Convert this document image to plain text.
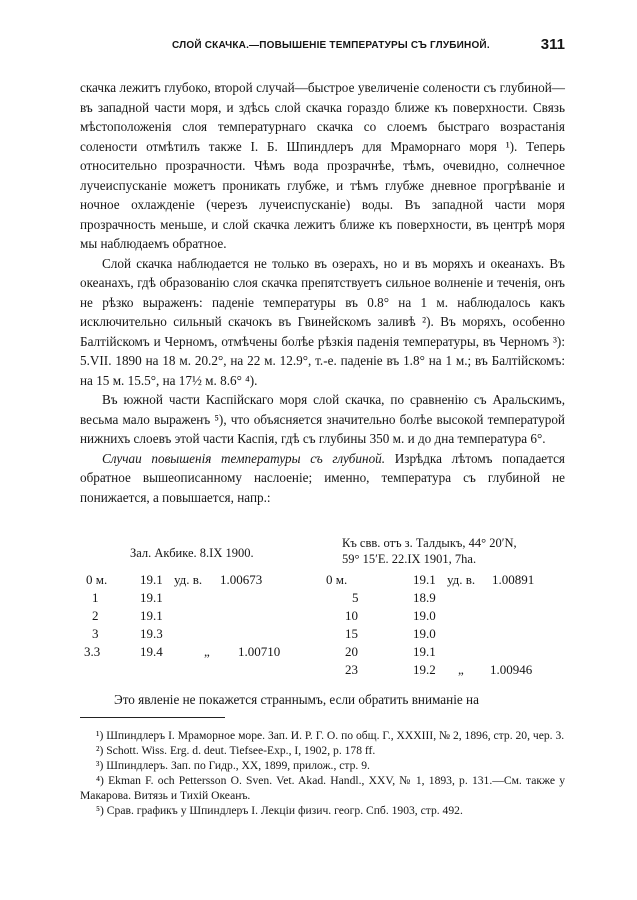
СЛОЙ СКАЧКА.—ПОВЫШЕНІЕ ТЕМПЕРАТУРЫ СЪ ГЛУБИНОЙ.	311

скачка лежитъ глубоко, второй случай—быстрое увеличеніе солености съ глубиной—въ западной части моря, и здѣсь слой скачка гораздо ближе къ поверхности. Связь мѣстоположенія слоя температурнаго скачка со слоемъ быстраго возрастанія солености отмѣтилъ также І. Б. Шпиндлеръ для Мраморнаго моря ¹). Теперь относительно прозрачности. Чѣмъ вода прозрачнѣе, тѣмъ, очевидно, солнечное лучеиспусканіе можетъ проникать глубже, и тѣмъ глубже дневное прогрѣваніе и ночное охлажденіе (черезъ лучеиспусканіе) воды. Въ западной части моря прозрачность меньше, и слой скачка лежитъ ближе къ поверхности, въ центрѣ моря мы наблюдаемъ обратное.

Слой скачка наблюдается не только въ озерахъ, но и въ моряхъ и океанахъ. Въ океанахъ, гдѣ образованію слоя скачка препятствуетъ сильное волненіе и теченія, онъ не рѣзко выраженъ: паденіе температуры въ 0.8° на 1 м. наблюдалось какъ исключительно сильный скачокъ въ Гвинейскомъ заливѣ ²). Въ моряхъ, особенно Балтійскомъ и Черномъ, отмѣчены болѣе рѣзкія паденія температуры, въ Черномъ ³): 5.VII. 1890 на 18 м. 20.2°, на 22 м. 12.9°, т.-е. паденіе въ 1.8° на 1 м.; въ Балтійскомъ: на 15 м. 15.5°, на 17½ м. 8.6° ⁴).

Въ южной части Каспійскаго моря слой скачка, по сравненію съ Аральскимъ, весьма мало выраженъ ⁵), что объясняется значительно болѣе высокой температурой нижнихъ слоевъ этой части Каспія, гдѣ съ глубины 350 м. и до дна температура 6°.

Случаи повышенія температуры съ глубиной. Изрѣдка лѣтомъ попадается обратное вышеописанному наслоеніе; именно, температура съ глубиной не понижается, а повышается, напр.:

Зал. Акбике. 8.IX 1900.
Къ свв. отъ з. Талдыкъ, 44° 20′N,
59° 15′E. 22.IX 1901, 7ha.
0 м.	19.1 уд. в. 1.00673
1	19.1
2	19.1
3	19.3
3.3	19.4	„ 1.00710
0 м.	19.1 уд. в. 1.00891
5	18.9
10	19.0
15	19.0
20	19.1
23	19.2 „ 1.00946

Это явленіе не покажется страннымъ, если обратить вниманіе на

¹) Шпиндлеръ І. Мраморное море. Зап. И. Р. Г. О. по общ. Г., XXXIII, № 2, 1896, стр. 20, чер. 3.

²) Schott. Wiss. Erg. d. deut. Tiefsee-Exp., I, 1902, p. 178 ff.

³) Шпиндлеръ. Зап. по Гидр., XX, 1899, прилож., стр. 9.

⁴) Ekman F. och Pettersson O. Sven. Vet. Akad. Handl., XXV, № 1, 1893, p. 131.—См. также у Макарова. Витязь и Тихій Океанъ.

⁵) Срав. графикъ у Шпиндлеръ І. Лекціи физич. геогр. Спб. 1903, стр. 492.
